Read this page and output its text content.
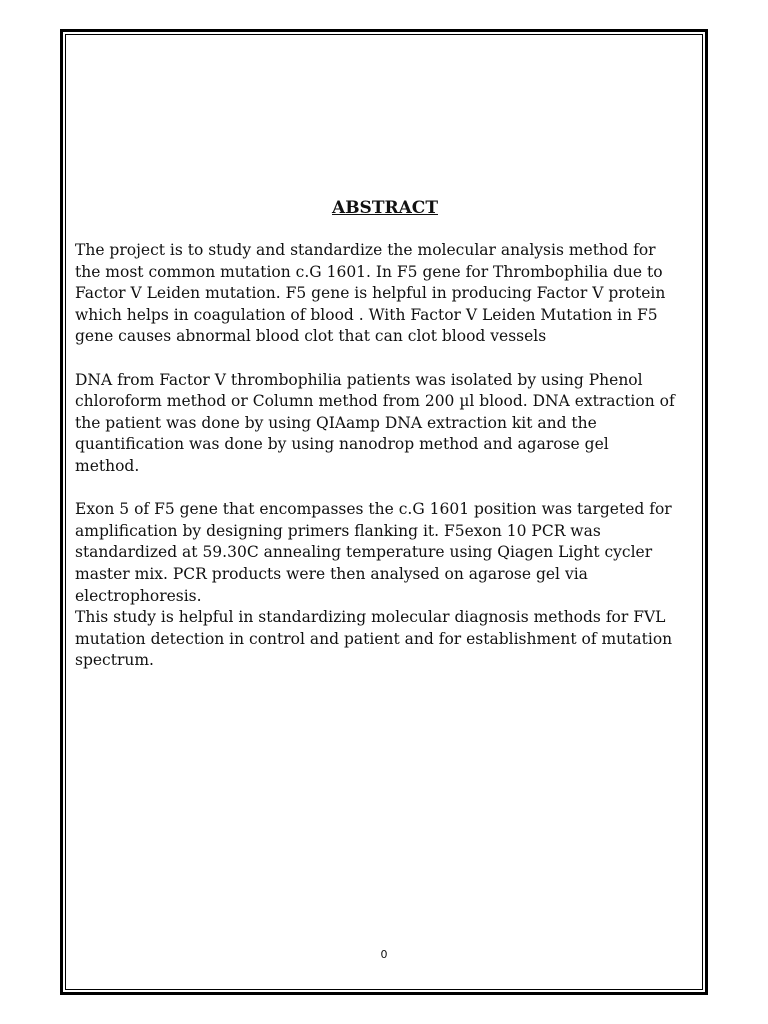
ABSTRACT

The project is to study and standardize the molecular analysis method for
the most common mutation c.G 1601. In F5 gene for Thrombophilia due to
Factor V Leiden mutation. F5 gene is helpful in producing Factor V protein
which helps in coagulation of blood . With Factor V Leiden Mutation in F5
gene causes abnormal blood clot that can clot blood vessels

DNA from Factor V thrombophilia patients was isolated by using Phenol
chloroform method or Column method from 200 µl blood. DNA extraction of
the patient was done by using QIAamp DNA extraction kit and the
quantification was done by using nanodrop method and agarose gel
method.

Exon 5 of F5 gene that encompasses the c.G 1601 position was targeted for
amplification by designing primers flanking it. F5exon 10 PCR was
standardized at 59.30C annealing temperature using Qiagen Light cycler
master mix. PCR products were then analysed on agarose gel via
electrophoresis.

This study is helpful in standardizing molecular diagnosis methods for FVL
mutation detection in control and patient and for establishment of mutation
spectrum.

0
